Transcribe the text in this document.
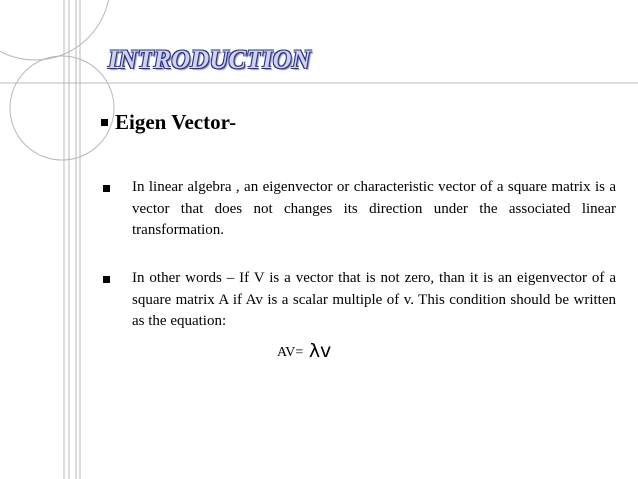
INTRODUCTION
Eigen Vector-
In linear algebra , an eigenvector or characteristic vector of a square matrix is a vector that does not changes its direction under the associated linear transformation.
In other words – If V is a vector that is not zero, than it is an eigenvector of a square matrix A if Av is a scalar multiple of v. This condition should be written as the equation:
AV= λv
